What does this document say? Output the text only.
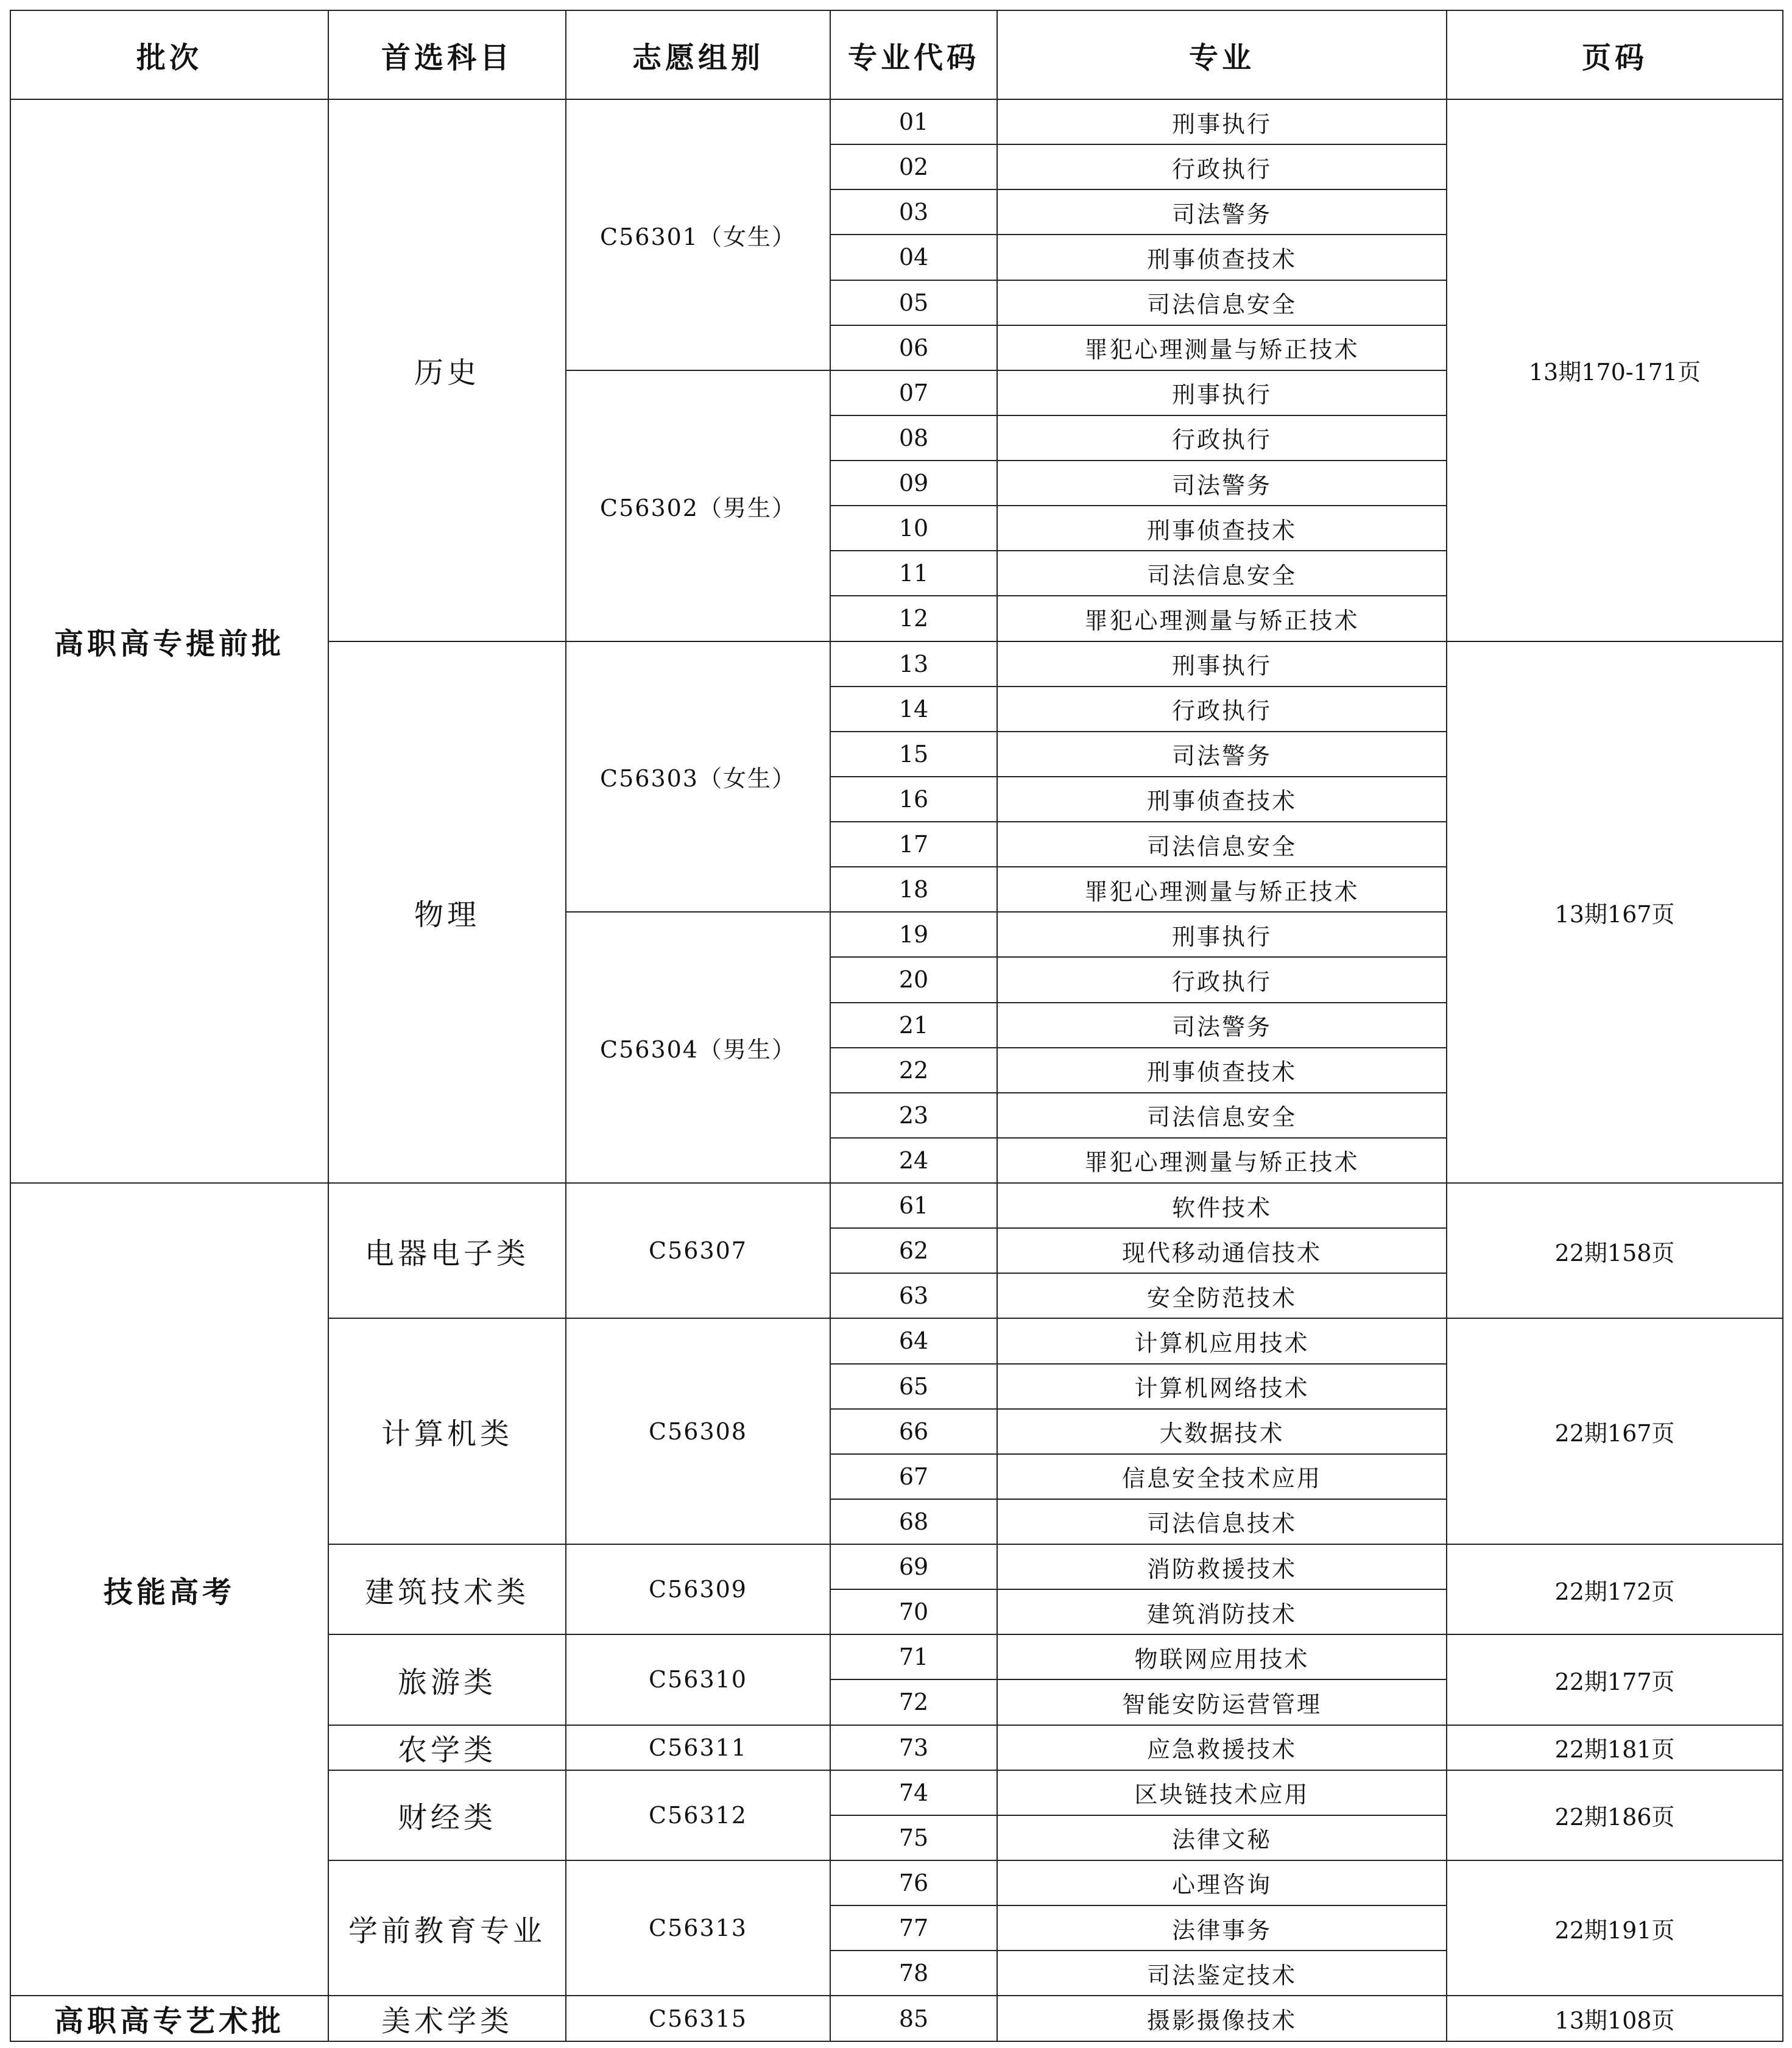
批次	首选科目	志愿组别	专业代码	专业	页码
高职高专提前批	历史	C56301（女生）	01	刑事执行	13期170-171页
			02	行政执行	
			03	司法警务	
			04	刑事侦查技术	
			05	司法信息安全	
			06	罪犯心理测量与矫正技术	
		C56302（男生）	07	刑事执行	
			08	行政执行	
			09	司法警务	
			10	刑事侦查技术	
			11	司法信息安全	
			12	罪犯心理测量与矫正技术	
	物理	C56303（女生）	13	刑事执行	13期167页
			14	行政执行	
			15	司法警务	
			16	刑事侦查技术	
			17	司法信息安全	
			18	罪犯心理测量与矫正技术	
		C56304（男生）	19	刑事执行	
			20	行政执行	
			21	司法警务	
			22	刑事侦查技术	
			23	司法信息安全	
			24	罪犯心理测量与矫正技术	
技能高考	电器电子类	C56307	61	软件技术	22期158页
			62	现代移动通信技术	
			63	安全防范技术	
	计算机类	C56308	64	计算机应用技术	22期167页
			65	计算机网络技术	
			66	大数据技术	
			67	信息安全技术应用	
			68	司法信息技术	
	建筑技术类	C56309	69	消防救援技术	22期172页
			70	建筑消防技术	
	旅游类	C56310	71	物联网应用技术	22期177页
			72	智能安防运营管理	
	农学类	C56311	73	应急救援技术	22期181页
	财经类	C56312	74	区块链技术应用	22期186页
			75	法律文秘	
	学前教育专业	C56313	76	心理咨询	22期191页
			77	法律事务	
			78	司法鉴定技术	
高职高专艺术批	美术学类	C56315	85	摄影摄像技术	13期108页
